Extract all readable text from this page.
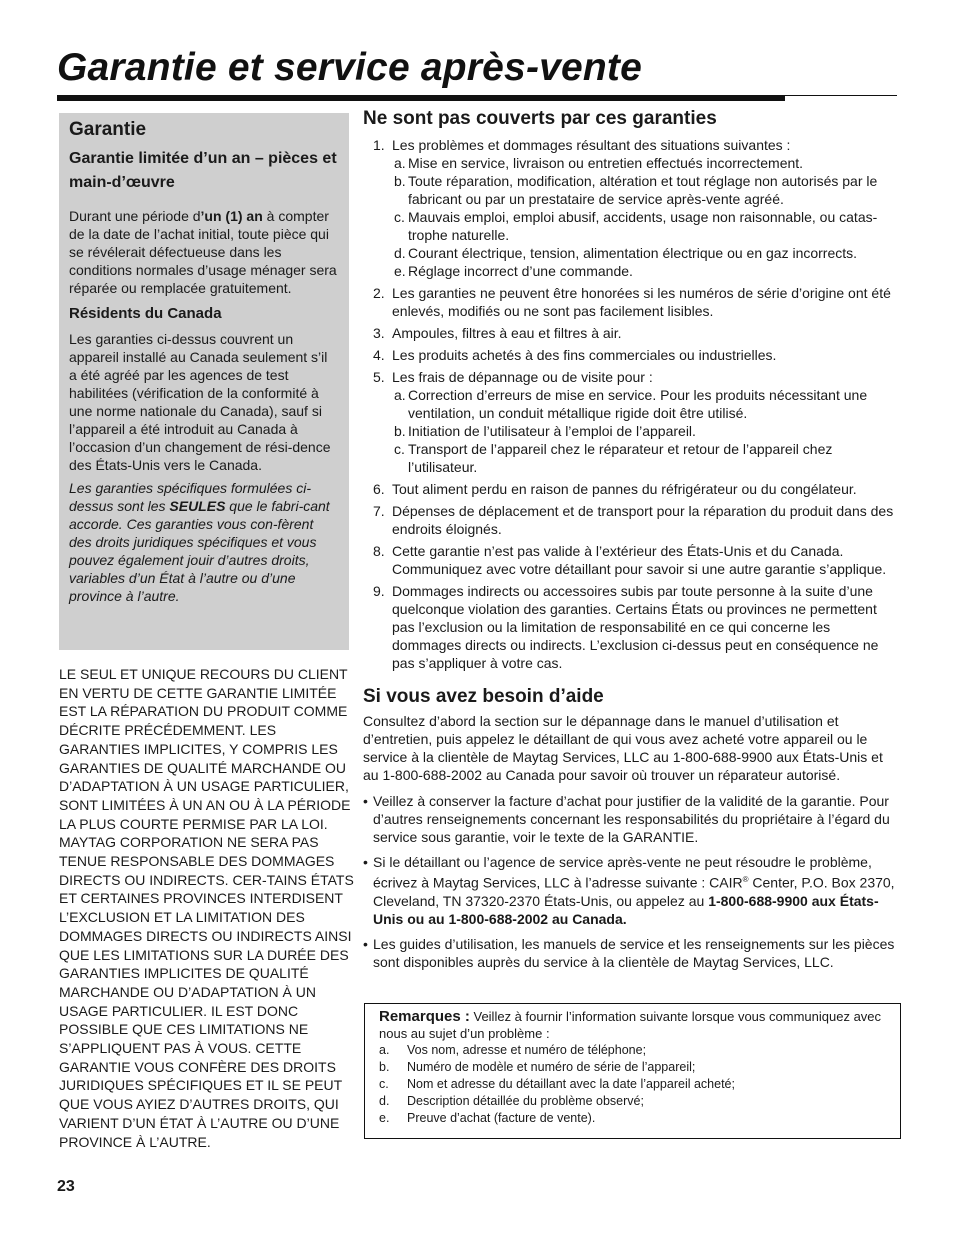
Garantie et service après-vente
Garantie
Garantie limitée d’un an – pièces et main-d’œuvre

Durant une période d’un (1) an à compter de la date de l’achat initial, toute pièce qui se révélerait défectueuse dans les conditions normales d’usage ménager sera réparée ou remplacée gratuitement.

Résidents du Canada

Les garanties ci-dessus couvrent un appareil installé au Canada seulement s’il a été agréé par les agences de test habilitées (vérification de la conformité à une norme nationale du Canada), sauf si l’appareil a été introduit au Canada à l’occasion d’un changement de rési-dence des États-Unis vers le Canada.

Les garanties spécifiques formulées ci-dessus sont les SEULES que le fabri-cant accorde. Ces garanties vous con-fèrent des droits juridiques spécifiques et vous pouvez également jouir d’autres droits, variables d’un État à l’autre ou d’une province à l’autre.

LE SEUL ET UNIQUE RECOURS DU CLIENT EN VERTU DE CETTE GARANTIE LIMITÉE EST LA RÉPARATION DU PRODUIT COMME DÉCRITE PRÉCÉDEMMENT. LES GARANTIES IMPLICITES, Y COMPRIS LES GARANTIES DE QUALITÉ MARCHANDE OU D’ADAPTATION À UN USAGE PARTICULIER, SONT LIMITÉES À UN AN OU À LA PÉRIODE LA PLUS COURTE PERMISE PAR LA LOI. MAYTAG CORPORATION NE SERA PAS TENUE RESPONSABLE DES DOMMAGES DIRECTS OU INDIRECTS. CER-TAINS ÉTATS ET CERTAINES PROVINCES INTERDISENT L’EXCLUSION ET LA LIMITATION DES DOMMAGES DIRECTS OU INDIRECTS AINSI QUE LES LIMITATIONS SUR LA DURÉE DES GARANTIES IMPLICITES DE QUALITÉ MARCHANDE OU D’ADAPTATION À UN USAGE PARTICULIER. IL EST DONC POSSIBLE QUE CES LIMITATIONS NE S’APPLIQUENT PAS À VOUS. CETTE GARANTIE VOUS CONFÈRE DES DROITS JURIDIQUES SPÉCIFIQUES ET IL SE PEUT QUE VOUS AYIEZ D’AUTRES DROITS, QUI VARIENT D’UN ÉTAT À L’AUTRE OU D’UNE PROVINCE À L’AUTRE.

Ne sont pas couverts par ces garanties
1. Les problèmes et dommages résultant des situations suivantes :
a. Mise en service, livraison ou entretien effectués incorrectement.
b. Toute réparation, modification, altération et tout réglage non autorisés par le fabricant ou par un prestataire de service après-vente agréé.
c. Mauvais emploi, emploi abusif, accidents, usage non raisonnable, ou catas-trophe naturelle.
d. Courant électrique, tension, alimentation électrique ou en gaz incorrects.
e. Réglage incorrect d’une commande.
2. Les garanties ne peuvent être honorées si les numéros de série d’origine ont été enlevés, modifiés ou ne sont pas facilement lisibles.
3. Ampoules, filtres à eau et filtres à air.
4. Les produits achetés à des fins commerciales ou industrielles.
5. Les frais de dépannage ou de visite pour :
a. Correction d’erreurs de mise en service. Pour les produits nécessitant une ventilation, un conduit métallique rigide doit être utilisé.
b. Initiation de l’utilisateur à l’emploi de l’appareil.
c. Transport de l’appareil chez le réparateur et retour de l’appareil chez l’utilisateur.
6. Tout aliment perdu en raison de pannes du réfrigérateur ou du congélateur.
7. Dépenses de déplacement et de transport pour la réparation du produit dans des endroits éloignés.
8. Cette garantie n’est pas valide à l’extérieur des États-Unis et du Canada. Communiquez avec votre détaillant pour savoir si une autre garantie s’applique.
9. Dommages indirects ou accessoires subis par toute personne à la suite d’une quelconque violation des garanties. Certains États ou provinces ne permettent pas l’exclusion ou la limitation de responsabilité en ce qui concerne les dommages directs ou indirects. L’exclusion ci-dessus peut en conséquence ne pas s’appliquer à votre cas.
Si vous avez besoin d’aide

Consultez d’abord la section sur le dépannage dans le manuel d’utilisation et d’entretien, puis appelez le détaillant de qui vous avez acheté votre appareil ou le service à la clientèle de Maytag Services, LLC au 1-800-688-9900 aux États-Unis et au 1-800-688-2002 au Canada pour savoir où trouver un réparateur autorisé.

• Veillez à conserver la facture d’achat pour justifier de la validité de la garantie. Pour d’autres renseignements concernant les responsabilités du propriétaire à l’égard du service sous garantie, voir le texte de la GARANTIE.
• Si le détaillant ou l’agence de service après-vente ne peut résoudre le problème, écrivez à Maytag Services, LLC à l’adresse suivante : CAIR® Center, P.O. Box 2370, Cleveland, TN 37320-2370 États-Unis, ou appelez au 1-800-688-9900 aux États-Unis ou au 1-800-688-2002 au Canada.
• Les guides d’utilisation, les manuels de service et les renseignements sur les pièces sont disponibles auprès du service à la clientèle de Maytag Services, LLC.
Remarques : Veillez à fournir l’information suivante lorsque vous communiquez avec nous au sujet d’un problème :
a. Vos nom, adresse et numéro de téléphone;
b. Numéro de modèle et numéro de série de l’appareil;
c. Nom et adresse du détaillant avec la date l’appareil acheté;
d. Description détaillée du problème observé;
e. Preuve d’achat (facture de vente).
23
